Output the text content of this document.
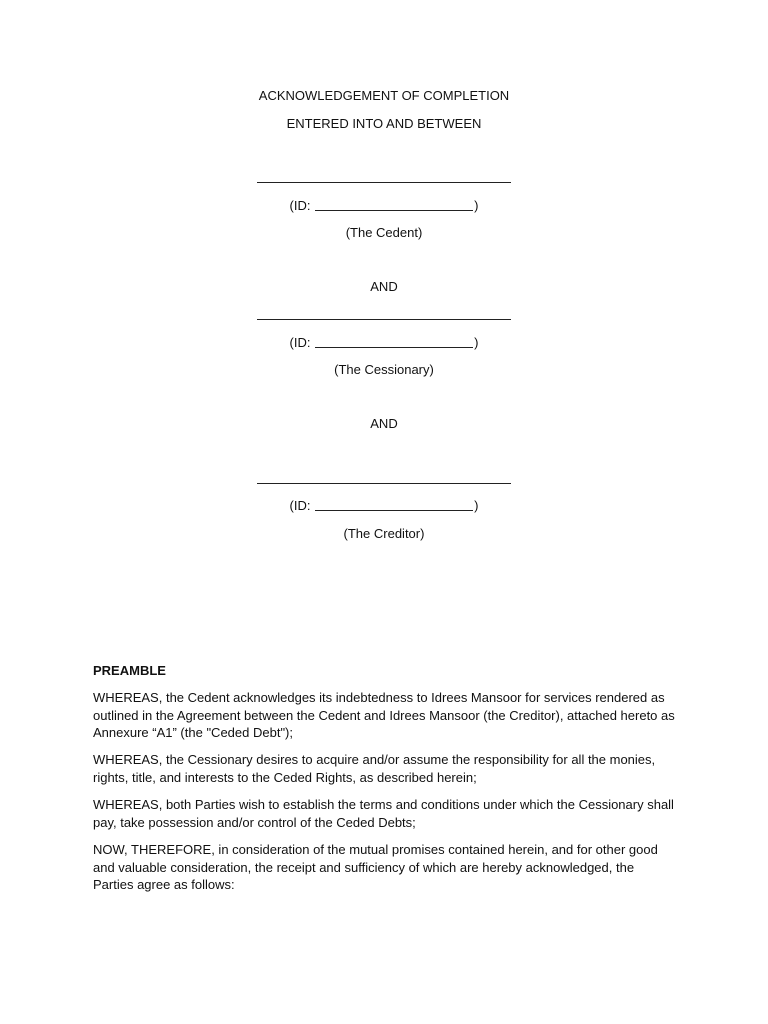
ACKNOWLEDGEMENT OF COMPLETION
ENTERED INTO AND BETWEEN
(ID:	)
(The Cedent)
AND
(ID:	)
(The Cessionary)
AND
(ID:	)
(The Creditor)
PREAMBLE

WHEREAS, the Cedent acknowledges its indebtedness to Idrees Mansoor for services rendered as outlined in the Agreement between the Cedent and Idrees Mansoor (the Creditor), attached hereto as Annexure “A1” (the "Ceded Debt");

WHEREAS, the Cessionary desires to acquire and/or assume the responsibility for all the monies, rights, title, and interests to the Ceded Rights, as described herein;

WHEREAS, both Parties wish to establish the terms and conditions under which the Cessionary shall pay, take possession and/or control of the Ceded Debts;

NOW, THEREFORE, in consideration of the mutual promises contained herein, and for other good and valuable consideration, the receipt and sufficiency of which are hereby acknowledged, the Parties agree as follows:
